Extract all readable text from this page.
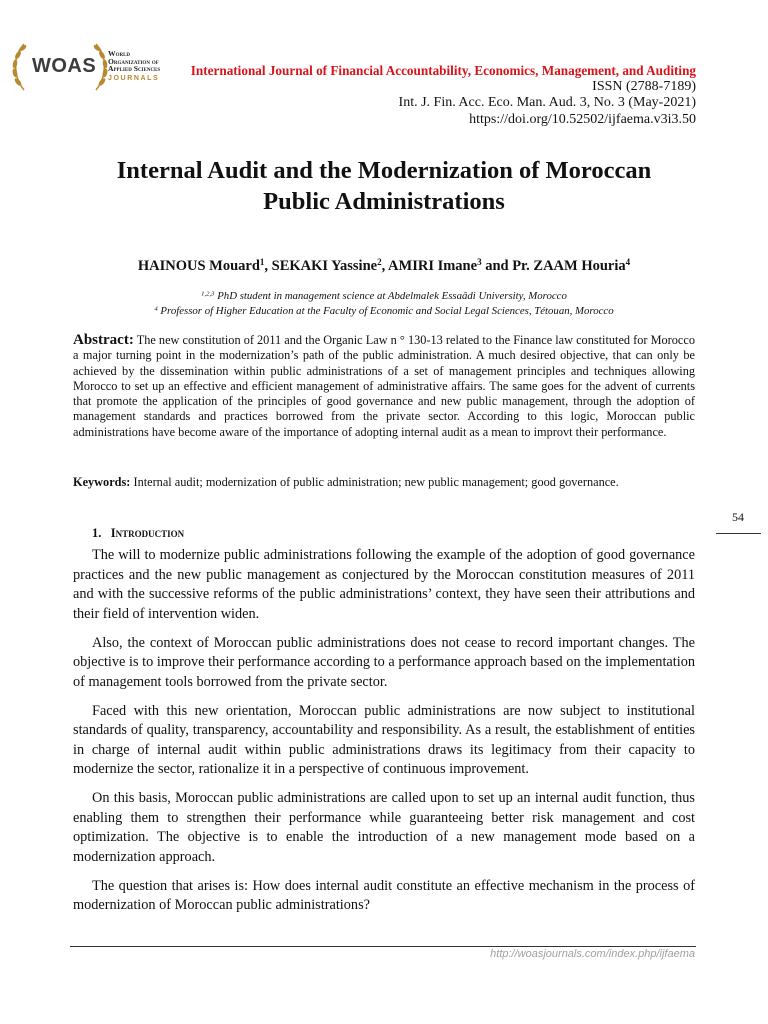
WOAS
World
Organization of
Applied Sciences
JOURNALS
International Journal of Financial Accountability, Economics, Management, and Auditing
ISSN (2788-7189)
Int. J. Fin. Acc. Eco. Man. Aud. 3, No. 3 (May-2021)
https://doi.org/10.52502/ijfaema.v3i3.50
Internal Audit and the Modernization of Moroccan
Public Administrations
HAINOUS Mouard$^1$, SEKAKI Yassine$^2$, AMIRI Imane$^3$ and Pr. ZAAM Houria$^4$
$^{1,2,3}$ PhD student in management science at Abdelmalek Essaâdi University, Morocco
$^4$ Professor of Higher Education at the Faculty of Economic and Social Legal Sciences, Tétouan, Morocco
Abstract: The new constitution of 2011 and the Organic Law n ° 130-13 related to the Finance law constituted for Morocco a major turning point in the modernization’s path of the public administration. A much desired objective, that can only be achieved by the dissemination within public administrations of a set of management principles and techniques allowing Morocco to set up an effective and efficient management of administrative affairs. The same goes for the advent of currents that promote the application of the principles of good governance and new public management, through the adoption of management standards and practices borrowed from the private sector. According to this logic, Moroccan public administrations have become aware of the importance of adopting internal audit as a mean to improvt their performance.
Keywords: Internal audit; modernization of public administration; new public management; good governance.
54
1. Introduction

The will to modernize public administrations following the example of the adoption of good governance practices and the new public management as conjectured by the Moroccan constitution measures of 2011 and with the successive reforms of the public administrations’ context, they have seen their attributions and their field of intervention widen.

Also, the context of Moroccan public administrations does not cease to record important changes. The objective is to improve their performance according to a performance approach based on the implementation of management tools borrowed from the private sector.

Faced with this new orientation, Moroccan public administrations are now subject to institutional standards of quality, transparency, accountability and responsibility. As a result, the establishment of entities in charge of internal audit within public administrations draws its legitimacy from their capacity to modernize the sector, rationalize it in a perspective of continuous improvement.

On this basis, Moroccan public administrations are called upon to set up an internal audit function, thus enabling them to strengthen their performance while guaranteeing better risk management and cost optimization. The objective is to enable the introduction of a new management mode based on a modernization approach.

The question that arises is: How does internal audit constitute an effective mechanism in the process of modernization of Moroccan public administrations?

http://woasjournals.com/index.php/ijfaema
